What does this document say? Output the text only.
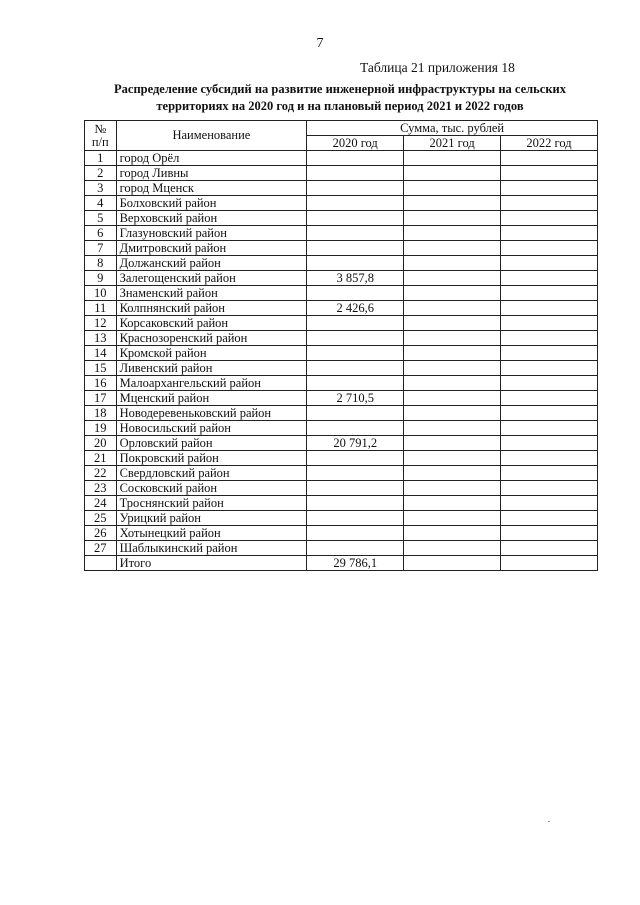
7
Таблица 21 приложения 18
Распределение субсидий на развитие инженерной инфраструктуры на сельских
территориях на 2020 год и на плановый период 2021 и 2022 годов
№
п/п	Наименование	Сумма, тыс. рублей		
		2020 год	2021 год	2022 год
1	город Орёл			
2	город Ливны			
3	город Мценск			
4	Болховский район			
5	Верховский район			
6	Глазуновский район			
7	Дмитровский район			
8	Должанский район			
9	Залегощенский район	3 857,8		
10	Знаменский район			
11	Колпнянский район	2 426,6		
12	Корсаковский район			
13	Краснозоренский район			
14	Кромской район			
15	Ливенский район			
16	Малоархангельский район			
17	Мценский район	2 710,5		
18	Новодеревеньковский район			
19	Новосильский район			
20	Орловский район	20 791,2		
21	Покровский район			
22	Свердловский район			
23	Сосковский район			
24	Троснянский район			
25	Урицкий район			
26	Хотынецкий район			
27	Шаблыкинский район			
	Итого	29 786,1		
